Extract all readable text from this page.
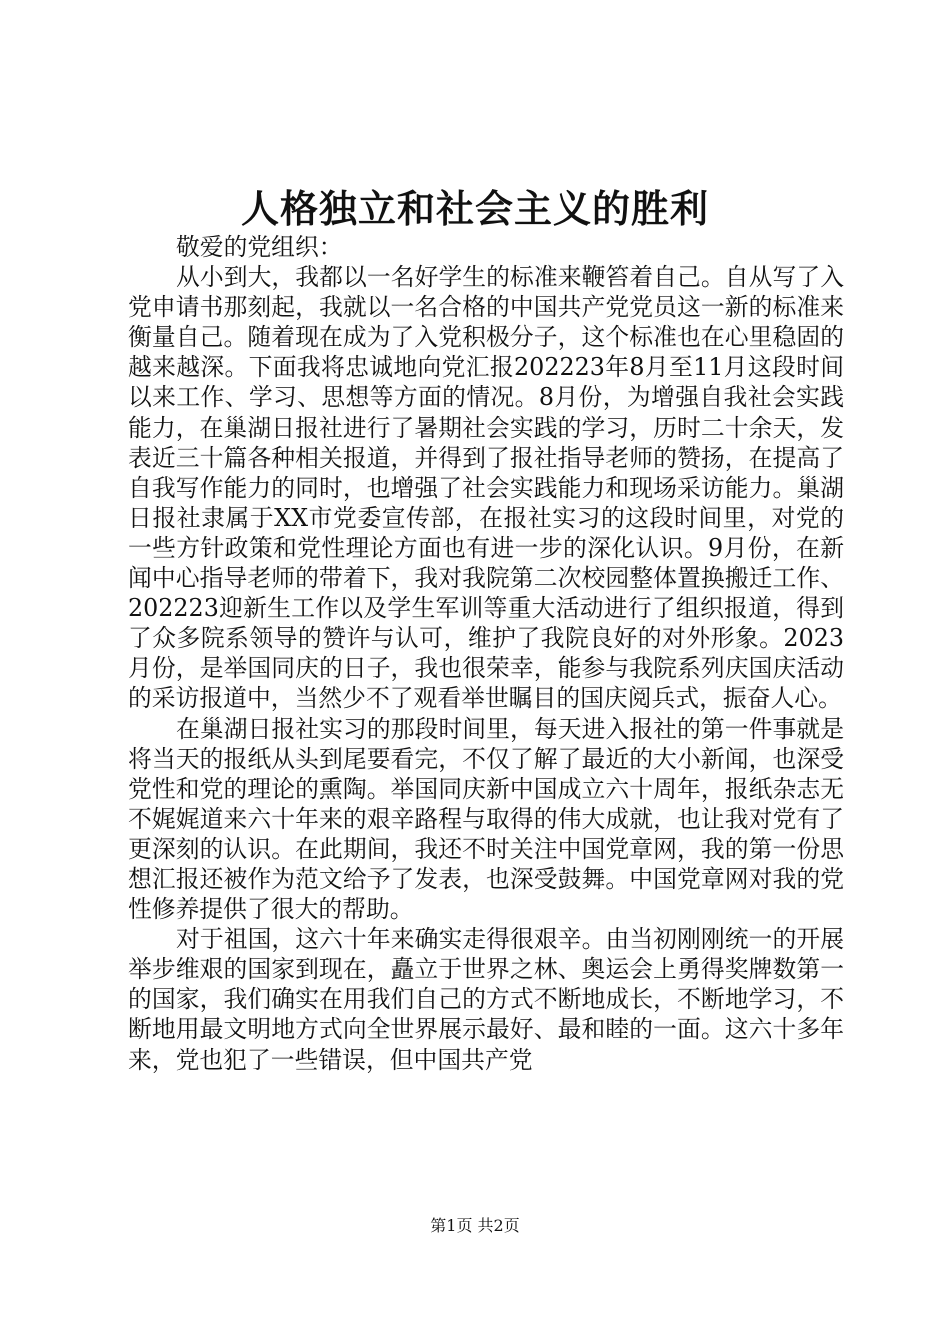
人格独立和社会主义的胜利

敬爱的党组织：

从小到大，我都以一名好学生的标准来鞭笞着自己。自从写了入党申请书那刻起，我就以一名合格的中国共产党党员这一新的标准来衡量自己。随着现在成为了入党积极分子，这个标准也在心里稳固的越来越深。下面我将忠诚地向党汇报202223年8月至11月这段时间以来工作、学习、思想等方面的情况。8月份，为增强自我社会实践能力，在巢湖日报社进行了暑期社会实践的学习，历时二十余天，发表近三十篇各种相关报道，并得到了报社指导老师的赞扬，在提高了自我写作能力的同时，也增强了社会实践能力和现场采访能力。巢湖日报社隶属于XX市党委宣传部，在报社实习的这段时间里，对党的一些方针政策和党性理论方面也有进一步的深化认识。9月份，在新闻中心指导老师的带着下，我对我院第二次校园整体置换搬迁工作、202223迎新生工作以及学生军训等重大活动进行了组织报道，得到了众多院系领导的赞许与认可，维护了我院良好的对外形象。2023月份，是举国同庆的日子，我也很荣幸，能参与我院系列庆国庆活动的采访报道中，当然少不了观看举世瞩目的国庆阅兵式，振奋人心。

在巢湖日报社实习的那段时间里，每天进入报社的第一件事就是将当天的报纸从头到尾要看完，不仅了解了最近的大小新闻，也深受党性和党的理论的熏陶。举国同庆新中国成立六十周年，报纸杂志无不娓娓道来六十年来的艰辛路程与取得的伟大成就，也让我对党有了更深刻的认识。在此期间，我还不时关注中国党章网，我的第一份思想汇报还被作为范文给予了发表，也深受鼓舞。中国党章网对我的党性修养提供了很大的帮助。

对于祖国，这六十年来确实走得很艰辛。由当初刚刚统一的开展举步维艰的国家到现在，矗立于世界之林、奥运会上勇得奖牌数第一的国家，我们确实在用我们自己的方式不断地成长，不断地学习，不断地用最文明地方式向全世界展示最好、最和睦的一面。这六十多年来，党也犯了一些错误，但中国共产党

第1页 共2页
